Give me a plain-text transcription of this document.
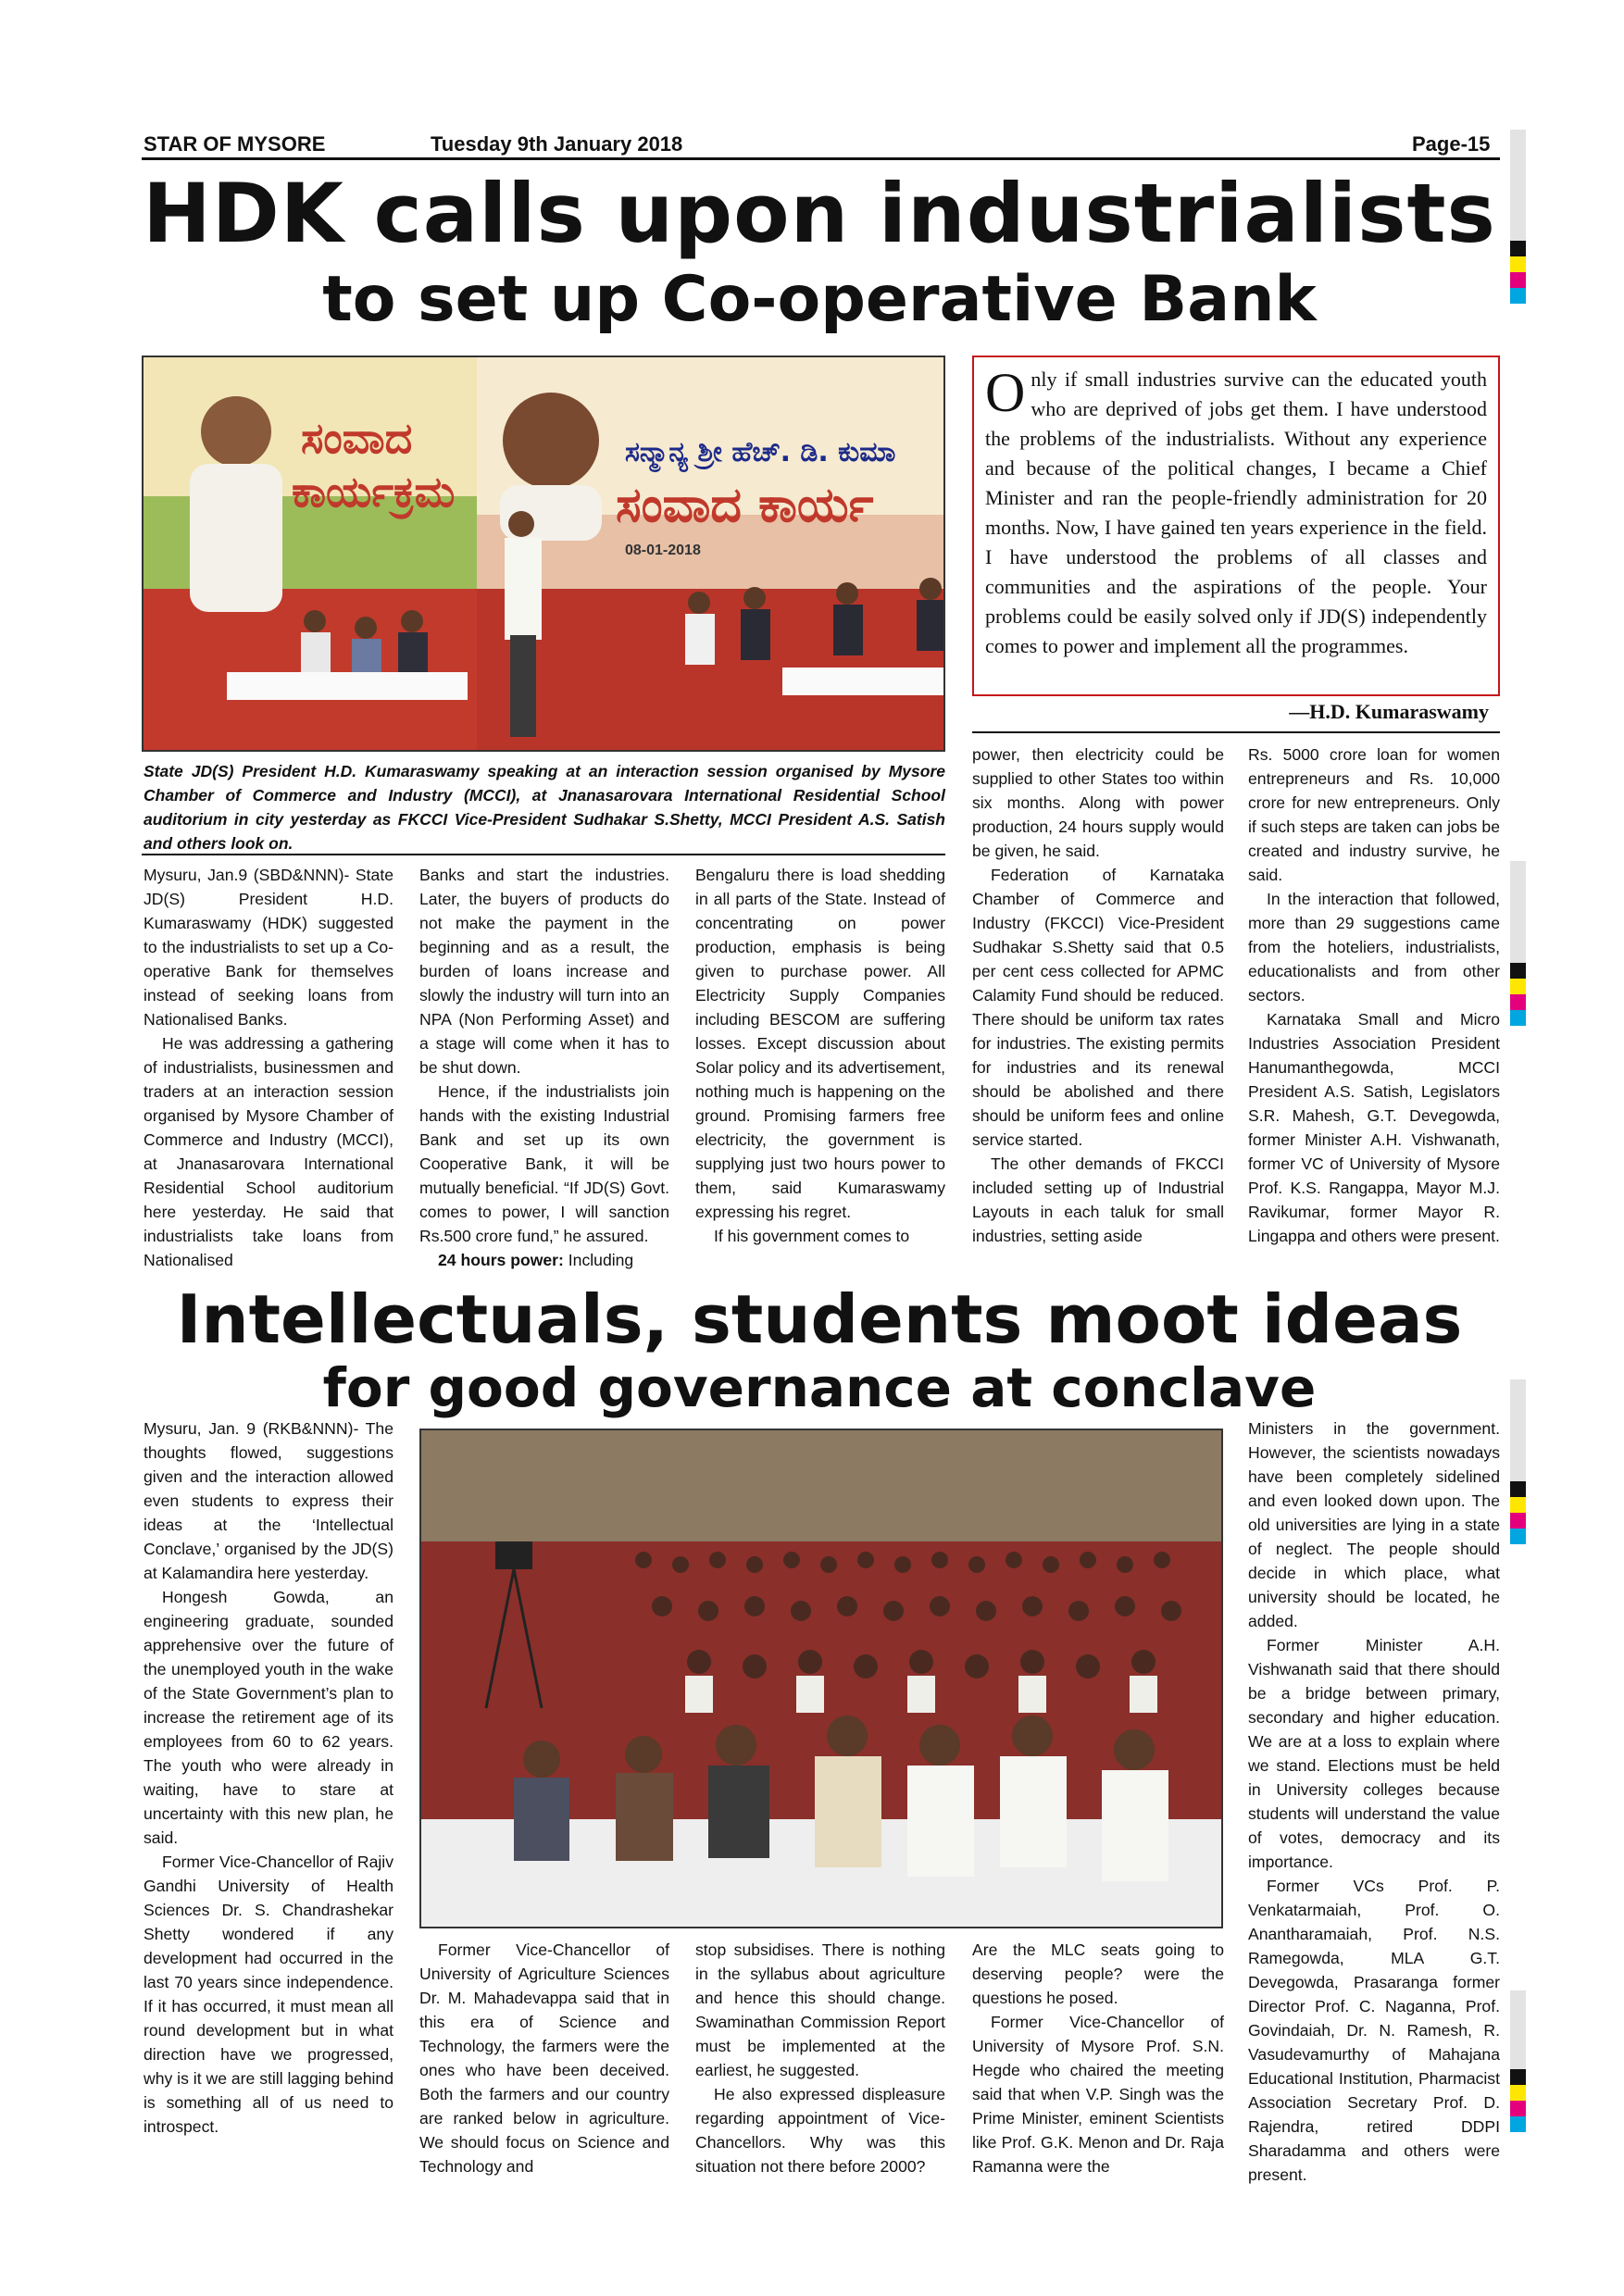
STAR OF MYSORE	Tuesday 9th January 2018	Page-15
HDK calls upon industrialists
to set up Co-operative Bank
ಸಂವಾದ
ಕಾರ್ಯಕ್ರಮ
ಸನ್ಮಾನ್ಯ ಶ್ರೀ ಹೆಚ್. ಡಿ. ಕುಮಾ
ಸಂವಾದ ಕಾರ್ಯ
08-01-2018
State JD(S) President H.D. Kumaraswamy speaking at an interaction session organised by Mysore Chamber of Commerce and Industry (MCCI), at Jnanasarovara International Residential School auditorium in city yesterday as FKCCI Vice-President Sudhakar S.Shetty, MCCI President A.S. Satish and others look on.
Only if small industries survive can the educated youth who are deprived of jobs get them. I have understood the problems of the industrialists. Without any experience and because of the political changes, I became a Chief Minister and ran the people-friendly administration for 20 months. Now, I have gained ten years experience in the field. I have understood the problems of all classes and communities and the aspirations of the people. Your problems could be easily solved only if JD(S) independently comes to power and implement all the programmes.
—H.D. Kumaraswamy

Mysuru, Jan.9 (SBD&NNN)- State JD(S) President H.D. Kumaraswamy (HDK) suggested to the industrialists to set up a Co-operative Bank for themselves instead of seeking loans from Nationalised Banks.

He was addressing a gathering of industrialists, businessmen and traders at an interaction session organised by Mysore Chamber of Commerce and Industry (MCCI), at Jnanasarovara International Residential School auditorium here yesterday. He said that industrialists take loans from Nationalised

Banks and start the industries. Later, the buyers of products do not make the payment in the beginning and as a result, the burden of loans increase and slowly the industry will turn into an NPA (Non Performing Asset) and a stage will come when it has to be shut down.

Hence, if the industrialists join hands with the existing Industrial Bank and set up its own Cooperative Bank, it will be mutually beneficial. “If JD(S) Govt. comes to power, I will sanction Rs.500 crore fund,” he assured.

24 hours power: Including

Bengaluru there is load shedding in all parts of the State. Instead of concentrating on power production, emphasis is being given to purchase power. All Electricity Supply Companies including BESCOM are suffering losses. Except discussion about Solar policy and its advertisement, nothing much is happening on the ground. Promising farmers free electricity, the government is supplying just two hours power to them, said Kumaraswamy expressing his regret.

If his government comes to

power, then electricity could be supplied to other States too within six months. Along with power production, 24 hours supply would be given, he said.

Federation of Karnataka Chamber of Commerce and Industry (FKCCI) Vice-President Sudhakar S.Shetty said that 0.5 per cent cess collected for APMC Calamity Fund should be reduced. There should be uniform tax rates for industries. The existing permits for industries and its renewal should be abolished and there should be uniform fees and online service started.

The other demands of FKCCI included setting up of Industrial Layouts in each taluk for small industries, setting aside

Rs. 5000 crore loan for women entrepreneurs and Rs. 10,000 crore for new entrepreneurs. Only if such steps are taken can jobs be created and industry survive, he said.

In the interaction that followed, more than 29 suggestions came from the hoteliers, industrialists, educationalists and from other sectors.

Karnataka Small and Micro Industries Association President Hanumanthegowda, MCCI President A.S. Satish, Legislators S.R. Mahesh, G.T. Devegowda, former Minister A.H. Vishwanath, former VC of University of Mysore Prof. K.S. Rangappa, Mayor M.J. Ravikumar, former Mayor R. Lingappa and others were present.

Intellectuals, students moot ideas
for good governance at conclave

Mysuru, Jan. 9 (RKB&NNN)- The thoughts flowed, suggestions given and the interaction allowed even students to express their ideas at the ‘Intellectual Conclave,’ organised by the JD(S) at Kalamandira here yesterday.

Hongesh Gowda, an engineering graduate, sounded apprehensive over the future of the unemployed youth in the wake of the State Government’s plan to increase the retirement age of its employees from 60 to 62 years. The youth who were already in waiting, have to stare at uncertainty with this new plan, he said.

Former Vice-Chancellor of Rajiv Gandhi University of Health Sciences Dr. S. Chandrashekar Shetty wondered if any development had occurred in the last 70 years since independence. If it has occurred, it must mean all round development but in what direction have we progressed, why is it we are still lagging behind is something all of us need to introspect.

Former Vice-Chancellor of University of Agriculture Sciences Dr. M. Mahadevappa said that in this era of Science and Technology, the farmers were the ones who have been deceived. Both the farmers and our country are ranked below in agriculture. We should focus on Science and Technology and

stop subsidises. There is nothing in the syllabus about agriculture and hence this should change. Swaminathan Commission Report must be implemented at the earliest, he suggested.

He also expressed displeasure regarding appointment of Vice-Chancellors. Why was this situation not there before 2000?

Are the MLC seats going to deserving people? were the questions he posed.

Former Vice-Chancellor of University of Mysore Prof. S.N. Hegde who chaired the meeting said that when V.P. Singh was the Prime Minister, eminent Scientists like Prof. G.K. Menon and Dr. Raja Ramanna were the

Ministers in the government. However, the scientists nowadays have been completely sidelined and even looked down upon. The old universities are lying in a state of neglect. The people should decide in which place, what university should be located, he added.

Former Minister A.H. Vishwanath said that there should be a bridge between primary, secondary and higher education. We are at a loss to explain where we stand. Elections must be held in University colleges because students will understand the value of votes, democracy and its importance.

Former VCs Prof. P. Venkatarmaiah, Prof. O. Anantharamaiah, Prof. N.S. Ramegowda, MLA G.T. Devegowda, Prasaranga former Director Prof. C. Naganna, Prof. Govindaiah, Dr. N. Ramesh, R. Vasudevamurthy of Mahajana Educational Institution, Pharmacist Association Secretary Prof. D. Rajendra, retired DDPI Sharadamma and others were present.
